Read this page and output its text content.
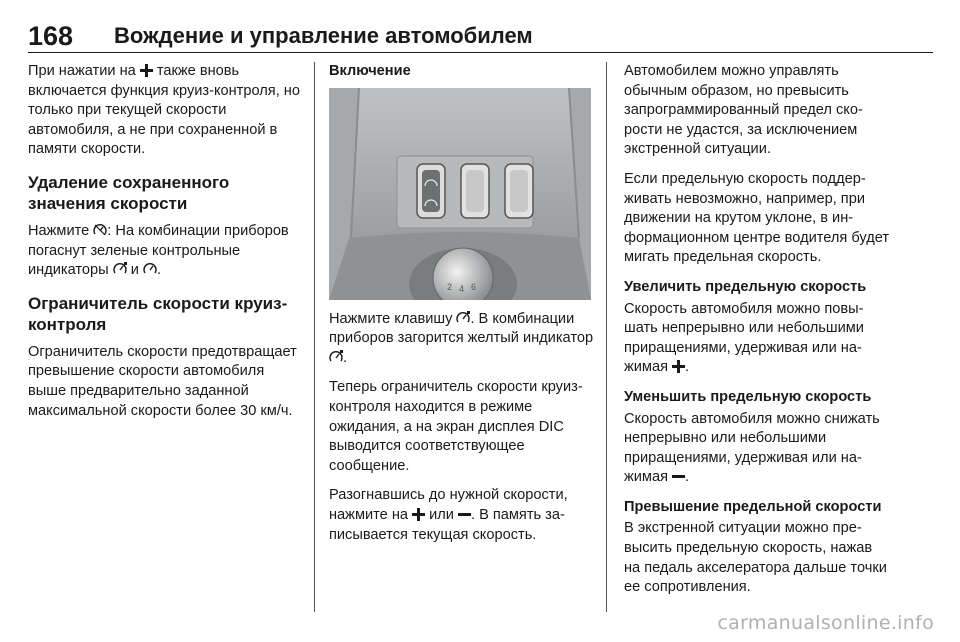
168	Вождение и управление автомобилем

При нажатии на  также вновь включается функция круиз-контроля, но только при текущей скорости автомобиля, а не при сохраненной в памяти скорости.

Удаление сохраненного значения скорости

Нажмите : На комбинации приборов погаснут зеленые контрольные индикаторы  и .

Ограничитель скорости круиз-контроля

Ограничитель скорости предотвращает превышение скорости автомобиля выше предварительно заданной максимальной скорости более 30 км/ч.

Включение
2 4 6

Нажмите клавишу . В комбинации приборов загорится желтый индикатор .

Теперь ограничитель скорости круиз-контроля находится в режиме ожидания, а на экран дисплея DIC выводится соответствующее сообщение.

Разогнавшись до нужной скорости, нажмите на  или . В память записывается текущая скорость.

Автомобилем можно управлять обычным образом, но превысить запрограммированный предел скорости не удастся, за исключением экстренной ситуации.

Если предельную скорость поддерживать невозможно, например, при движении на крутом уклоне, в информационном центре водителя будет мигать предельная скорость.

Увеличить предельную скорость

Скорость автомобиля можно повышать непрерывно или небольшими приращениями, удерживая или нажимая .

Уменьшить предельную скорость

Скорость автомобиля можно снижать непрерывно или небольшими приращениями, удерживая или нажимая .

Превышение предельной скорости

В экстренной ситуации можно превысить предельную скорость, нажав на педаль акселератора дальше точки ее сопротивления.

carmanualsonline.info
